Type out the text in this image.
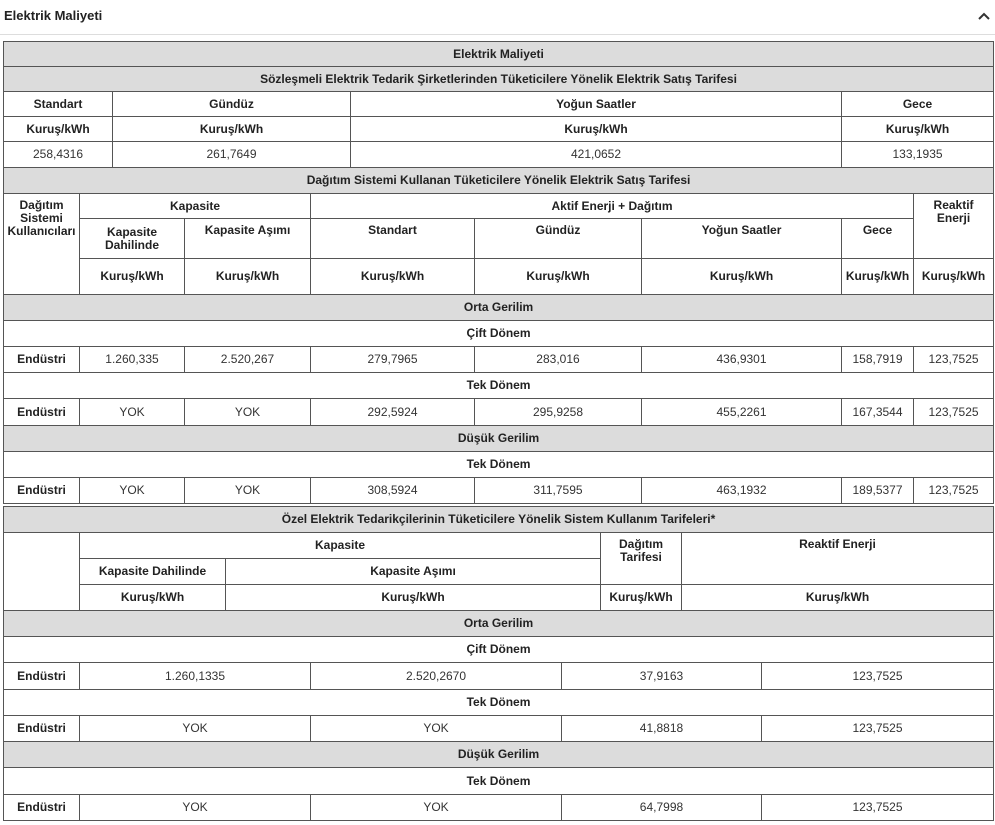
Elektrik Maliyeti
Elektrik Maliyeti			
Sözleşmeli Elektrik Tedarik Şirketlerinden Tüketicilere Yönelik Elektrik Satış Tarifesi			
Standart	Gündüz	Yoğun Saatler	Gece
Kuruş/kWh	Kuruş/kWh	Kuruş/kWh	Kuruş/kWh
258,4316	261,7649	421,0652	133,1935
Dağıtım Sistemi Kullanan Tüketicilere Yönelik Elektrik Satış Tarifesi							
Dağıtım Sistemi Kullanıcıları	Kapasite		Aktif Enerji + Dağıtım				Reaktif Enerji
	Kapasite Dahilinde	Kapasite Aşımı	Standart	Gündüz	Yoğun Saatler	Gece	
	Kuruş/kWh	Kuruş/kWh	Kuruş/kWh	Kuruş/kWh	Kuruş/kWh	Kuruş/kWh	Kuruş/kWh
Orta Gerilim							
Çift Dönem							
Endüstri	1.260,335	2.520,267	279,7965	283,016	436,9301	158,7919	123,7525
Tek Dönem							
Endüstri	YOK	YOK	292,5924	295,9258	455,2261	167,3544	123,7525
Düşük Gerilim							
Tek Dönem							
Endüstri	YOK	YOK	308,5924	311,7595	463,1932	189,5377	123,7525
Özel Elektrik Tedarikçilerinin Tüketicilere Yönelik Sistem Kullanım Tarifeleri*							
	Kapasite				Dağıtım Tarifesi	Reaktif Enerji	
	Kapasite Dahilinde	Kapasite Aşımı					
	Kuruş/kWh	Kuruş/kWh			Kuruş/kWh	Kuruş/kWh	
Orta Gerilim							
Çift Dönem							
Endüstri	1.260,1335		2.520,2670	37,9163			123,7525
Tek Dönem							
Endüstri	YOK		YOK	41,8818			123,7525
Düşük Gerilim							
Tek Dönem							
Endüstri	YOK		YOK	64,7998			123,7525
